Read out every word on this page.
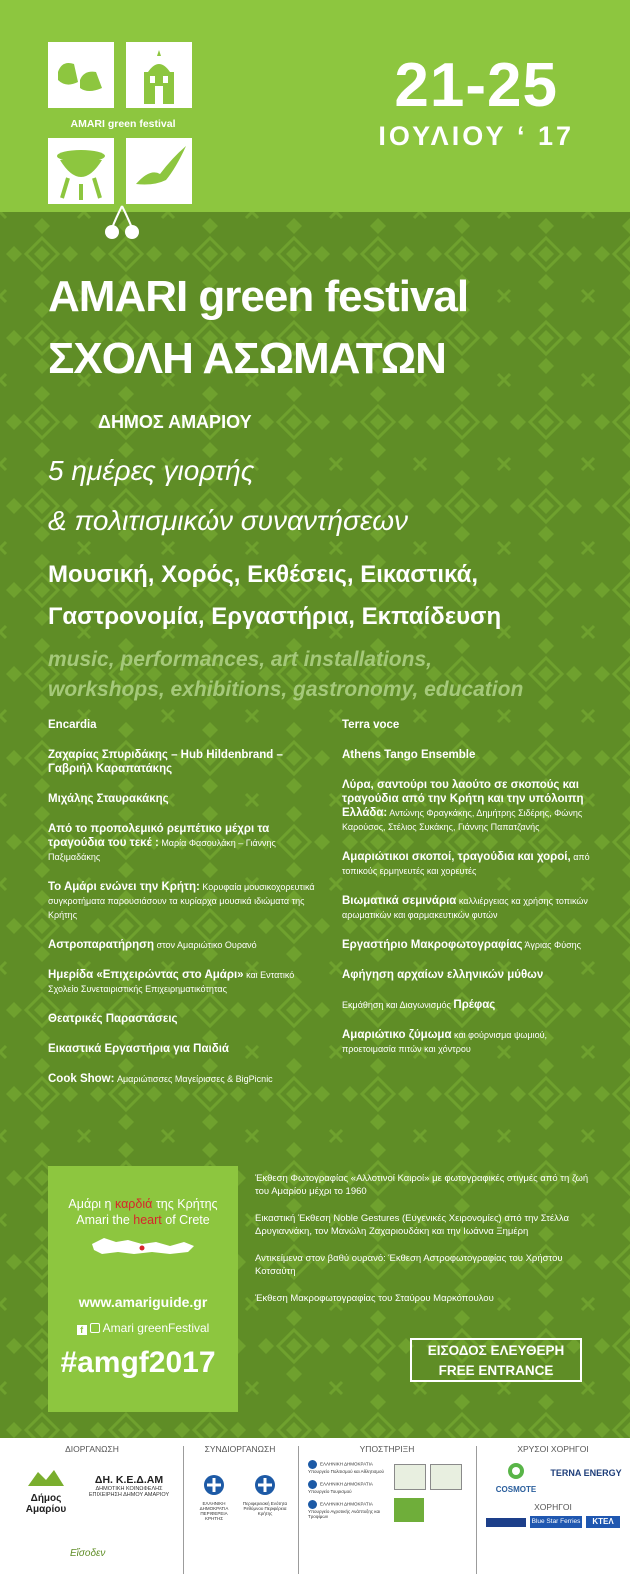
AMARI green festival
21-25
ΙΟΥΛΙΟΥ ‘ 17
AMARI green festival
ΣΧΟΛΗ ΑΣΩΜΑΤΩΝ
ΔΗΜΟΣ ΑΜΑΡΙΟΥ
5 ημέρες γιορτής
& πολιτισμικών συναντήσεων
Μουσική, Χορός, Εκθέσεις, Εικαστικά,
Γαστρονομία, Εργαστήρια, Εκπαίδευση
music, performances, art installations,
workshops, exhibitions, gastronomy, education
Encardia
Ζαχαρίας Σπυριδάκης – Hub Hildenbrand – Γαβριήλ Καραπατάκης
Μιχάλης Σταυρακάκης
Από το προπολεμικό ρεμπέτικο μέχρι τα τραγούδια του τεκέ : Μαρία Φασουλάκη – Γιάννης Παξιμαδάκης
Το Αμάρι ενώνει την Κρήτη: Κορυφαία μουσικοχορευτικά συγκροτήματα παρουσιάσουν τα κυρίαρχα μουσικά ιδιώματα της Κρήτης
Αστροπαρατήρηση στον Αμαριώτικο Ουρανό
Ημερίδα «Επιχειρώντας στο Αμάρι» και Εντατικό Σχολείο Συνεταιριστικής Επιχειρηματικότητας
Θεατρικές Παραστάσεις
Εικαστικά Εργαστήρια για Παιδιά
Cook Show: Αμαριώτισσες Μαγείρισσες & BigPicnic
Terra voce
Athens Tango Ensemble
Λύρα, σαντούρι του λαούτο σε σκοπούς και τραγούδια από την Κρήτη και την υπόλοιπη Ελλάδα: Αντώνης Φραγκάκης, Δημήτρης Σιδέρης, Φώνης Καρούσος, Στέλιος Συκάκης, Γιάννης Παπατζανής
Αμαριώτικοι σκοποί, τραγούδια και χοροί, από τοπικούς ερμηνευτές και χορευτές
Βιωματικά σεμινάρια καλλιέργειας κα χρήσης τοπικών αρωματικών και φαρμακευτικών φυτών
Εργαστήριο Μακροφωτογραφίας Άγριας Φύσης
Αφήγηση αρχαίων ελληνικών μύθων
Εκμάθηση και Διαγωνισμός Πρέφας
Αμαριώτικο ζύμωμα και φούρνισμα ψωμιού, προετοιμασία πιτών και χόντρου
Αμάρι η καρδιά της Κρήτης
Amari the heart of Crete
www.amariguide.gr
f Amari greenFestival
#amgf2017
Έκθεση Φωτογραφίας «Αλλοτινοί Καιροί» με φωτογραφικές στιγμές από τη ζωή του Αμαρίου μέχρι το 1960
Εικαστική Έκθεση Noble Gestures (Ευγενικές Χειρονομίες) από την Στέλλα Δρυγιαννάκη, τον Μανώλη Ζαχαριουδάκη και την Ιωάννα Ξημέρη
Αντικείμενα στον βαθύ ουρανό: Έκθεση Αστροφωτογραφίας του Χρήστου Κοτσαύτη
Έκθεση Μακροφωτογραφίας του Σταύρου Μαρκόπουλου
ΕΙΣΟΔΟΣ ΕΛΕΥΘΕΡΗ
FREE ENTRANCE
ΔΙΟΡΓΑΝΩΣΗ
Δήμος Αμαρίου
ΔΗ. Κ.Ε.Δ.ΑΜ
ΔΗΜΟΤΙΚΗ ΚΟΙΝΩΦΕΛΗΣ ΕΠΙΧΕΙΡΗΣΗ ΔΗΜΟΥ ΑΜΑΡΙΟΥ
Εἴσοδεν
ΣΥΝΔΙΟΡΓΑΝΩΣΗ
ΕΛΛΗΝΙΚΗ ΔΗΜΟΚΡΑΤΙΑ ΠΕΡΙΦΕΡΕΙΑ ΚΡΗΤΗΣ
Περιφερειακή Ενότητα Ρεθύμνου Περιφέρεια Κρήτης
ΥΠΟΣΤΗΡΙΞΗ
ΕΛΛΗΝΙΚΗ ΔΗΜΟΚΡΑΤΙΑ Υπουργείο Πολιτισμού και Αθλητισμού
ΕΛΛΗΝΙΚΗ ΔΗΜΟΚΡΑΤΙΑ Υπουργείο Τουρισμού
ΕΛΛΗΝΙΚΗ ΔΗΜΟΚΡΑΤΙΑ Υπουργείο Αγροτικής Ανάπτυξης και Τροφίμων
ΧΡΥΣΟΙ ΧΟΡΗΓΟΙ
COSMOTE
TERNA ENERGY
ΧΟΡΗΓΟΙ
Blue Star Ferries	ΚΤΕΛ
